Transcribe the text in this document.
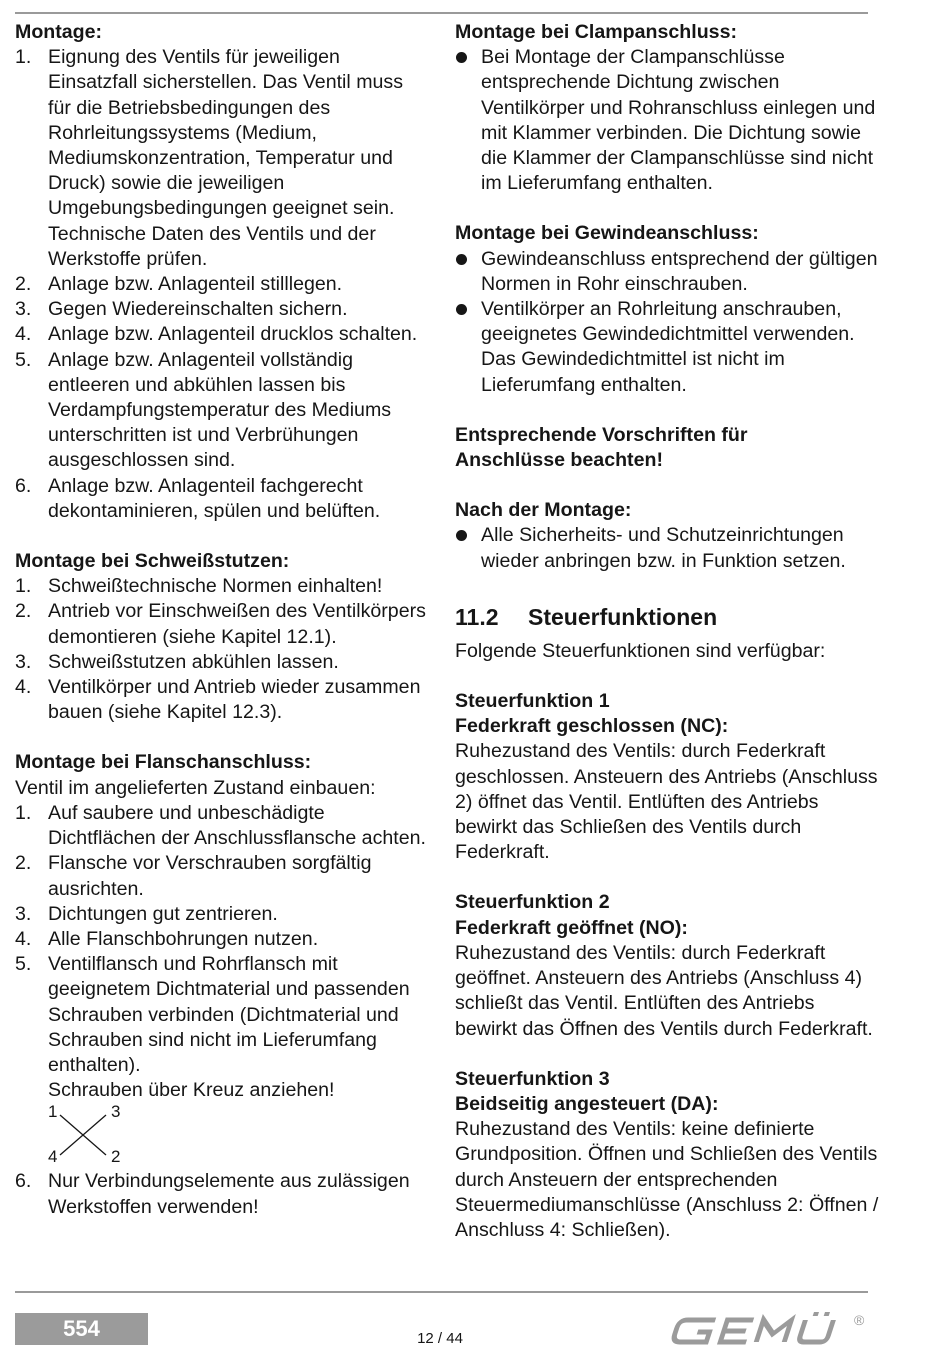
Montage:
1. Eignung des Ventils für jeweiligen Einsatzfall sicherstellen. Das Ventil muss für die Betriebsbedingungen des Rohrleitungssystems (Medium, Mediumskonzentration, Temperatur und Druck) sowie die jeweiligen Umgebungsbedingungen geeignet sein. Technische Daten des Ventils und der Werkstoffe prüfen.
2. Anlage bzw. Anlagenteil stilllegen.
3. Gegen Wiedereinschalten sichern.
4. Anlage bzw. Anlagenteil drucklos schalten.
5. Anlage bzw. Anlagenteil vollständig entleeren und abkühlen lassen bis Verdampfungstemperatur des Mediums unterschritten ist und Verbrühungen ausgeschlossen sind.
6. Anlage bzw. Anlagenteil fachgerecht dekontaminieren, spülen und belüften.
Montage bei Schweißstutzen:
1. Schweißtechnische Normen einhalten!
2. Antrieb vor Einschweißen des Ventilkörpers demontieren (siehe Kapitel 12.1).
3. Schweißstutzen abkühlen lassen.
4. Ventilkörper und Antrieb wieder zusammen bauen (siehe Kapitel 12.3).
Montage bei Flanschanschluss:
Ventil im angelieferten Zustand einbauen:
1. Auf saubere und unbeschädigte Dichtflächen der Anschlussflansche achten.
2. Flansche vor Verschrauben sorgfältig ausrichten.
3. Dichtungen gut zentrieren.
4. Alle Flanschbohrungen nutzen.
5. Ventilflansch und Rohrflansch mit geeignetem Dichtmaterial und passenden Schrauben verbinden (Dichtmaterial und Schrauben sind nicht im Lieferumfang enthalten).
Schrauben über Kreuz anziehen!
1	3
4	2
6. Nur Verbindungselemente aus zulässigen Werkstoffen verwenden!
Montage bei Clampanschluss:
Bei Montage der Clampanschlüsse entsprechende Dichtung zwischen Ventilkörper und Rohranschluss einlegen und mit Klammer verbinden. Die Dichtung sowie die Klammer der Clampanschlüsse sind nicht im Lieferumfang enthalten.
Montage bei Gewindeanschluss:
Gewindeanschluss entsprechend der gültigen Normen in Rohr einschrauben.
Ventilkörper an Rohrleitung anschrauben, geeignetes Gewindedichtmittel verwenden. Das Gewindedichtmittel ist nicht im Lieferumfang enthalten.
Entsprechende Vorschriften für Anschlüsse beachten!
Nach der Montage:
Alle Sicherheits- und Schutzeinrichtungen wieder anbringen bzw. in Funktion setzen.
11.2	Steuerfunktionen
Folgende Steuerfunktionen sind verfügbar:
Steuerfunktion 1
Federkraft geschlossen (NC):
Ruhezustand des Ventils: durch Federkraft geschlossen. Ansteuern des Antriebs (Anschluss 2) öffnet das Ventil. Entlüften des Antriebs bewirkt das Schließen des Ventils durch Federkraft.
Steuerfunktion 2
Federkraft geöffnet (NO):
Ruhezustand des Ventils: durch Federkraft geöffnet. Ansteuern des Antriebs (Anschluss 4) schließt das Ventil. Entlüften des Antriebs bewirkt das Öffnen des Ventils durch Federkraft.
Steuerfunktion 3
Beidseitig angesteuert (DA):
Ruhezustand des Ventils: keine definierte Grundposition. Öffnen und Schließen des Ventils durch Ansteuern der entsprechenden Steuermediumanschlüsse (Anschluss 2: Öffnen / Anschluss 4: Schließen).
554	12 / 44
®
